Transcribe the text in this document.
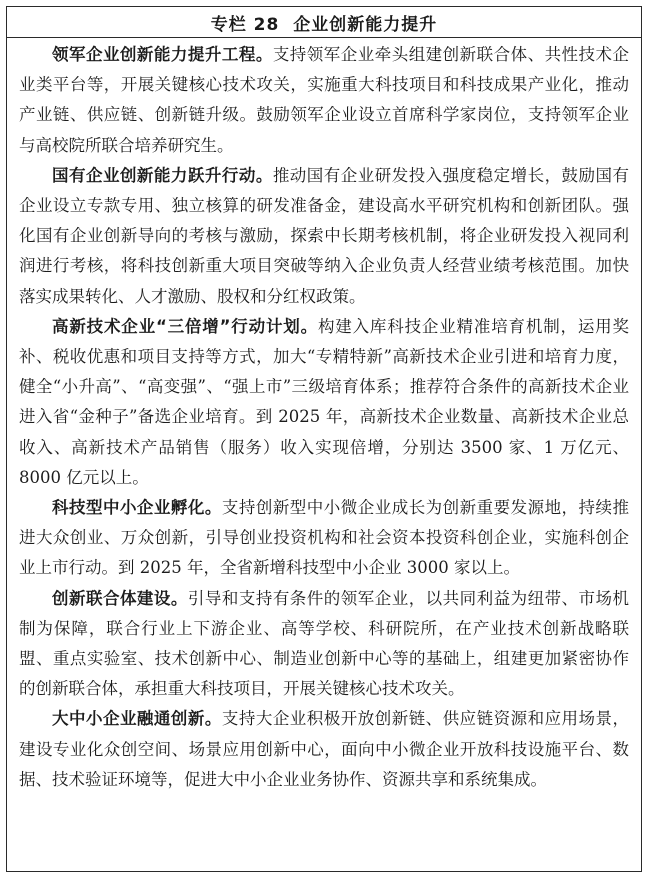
专栏 28 企业创新能力提升

领军企业创新能力提升工程。支持领军企业牵头组建创新联合体、共性技术企业类平台等，开展关键核心技术攻关，实施重大科技项目和科技成果产业化，推动产业链、供应链、创新链升级。鼓励领军企业设立首席科学家岗位，支持领军企业与高校院所联合培养研究生。

国有企业创新能力跃升行动。推动国有企业研发投入强度稳定增长，鼓励国有企业设立专款专用、独立核算的研发准备金，建设高水平研究机构和创新团队。强化国有企业创新导向的考核与激励，探索中长期考核机制，将企业研发投入视同利润进行考核，将科技创新重大项目突破等纳入企业负责人经营业绩考核范围。加快落实成果转化、人才激励、股权和分红权政策。

高新技术企业“三倍增”行动计划。构建入库科技企业精准培育机制，运用奖补、税收优惠和项目支持等方式，加大“专精特新”高新技术企业引进和培育力度，健全“小升高”、“高变强”、“强上市”三级培育体系；推荐符合条件的高新技术企业进入省“金种子”备选企业培育。到 2025 年，高新技术企业数量、高新技术企业总收入、高新技术产品销售（服务）收入实现倍增，分别达 3500 家、1 万亿元、8000 亿元以上。

科技型中小企业孵化。支持创新型中小微企业成长为创新重要发源地，持续推进大众创业、万众创新，引导创业投资机构和社会资本投资科创企业，实施科创企业上市行动。到 2025 年，全省新增科技型中小企业 3000 家以上。

创新联合体建设。引导和支持有条件的领军企业，以共同利益为纽带、市场机制为保障，联合行业上下游企业、高等学校、科研院所，在产业技术创新战略联盟、重点实验室、技术创新中心、制造业创新中心等的基础上，组建更加紧密协作的创新联合体，承担重大科技项目，开展关键核心技术攻关。

大中小企业融通创新。支持大企业积极开放创新链、供应链资源和应用场景，建设专业化众创空间、场景应用创新中心，面向中小微企业开放科技设施平台、数据、技术验证环境等，促进大中小企业业务协作、资源共享和系统集成。
